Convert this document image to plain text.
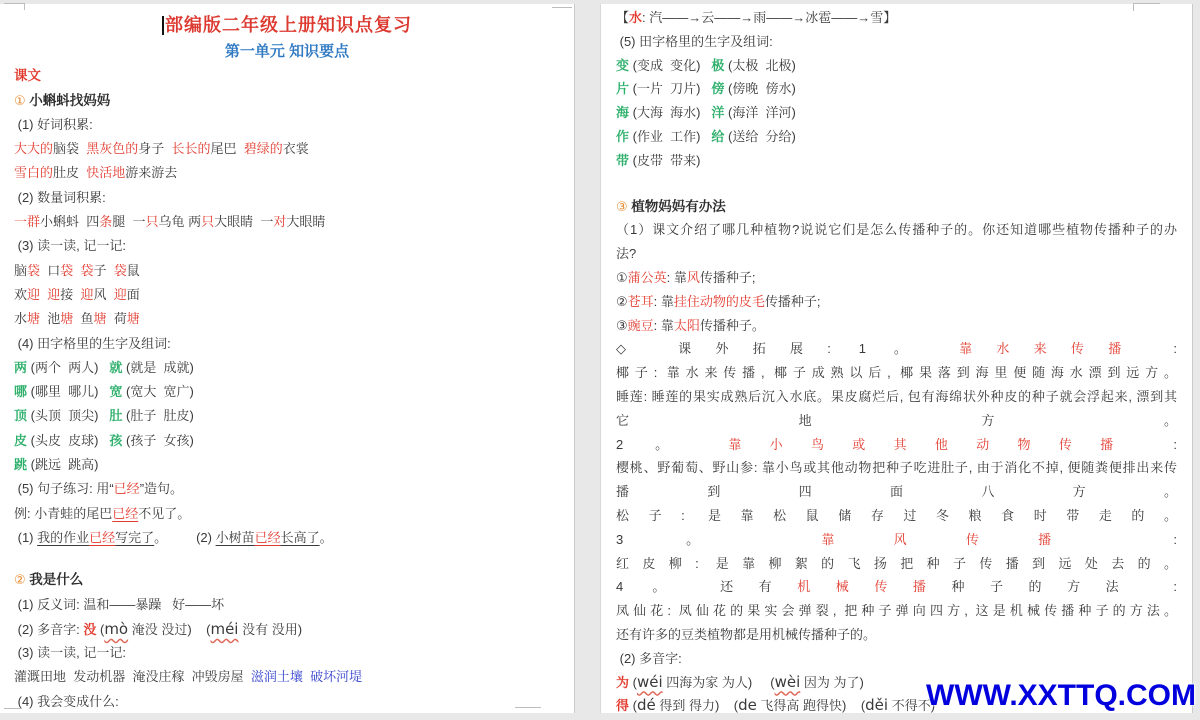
部编版二年级上册知识点复习
第一单元 知识要点
课文
① 小蝌蚪找妈妈
(1) 好词积累:
大大的脑袋  黑灰色的身子  长长的尾巴  碧绿的衣裳
雪白的肚皮  快活地游来游去
(2) 数量词积累:
一群小蝌蚪  四条腿  一只乌龟 两只大眼睛  一对大眼睛
(3) 读一读, 记一记:
脑袋  口袋 袋子  袋鼠
欢迎 迎接  迎风  迎面
水塘  池塘  鱼塘  荷塘
(4) 田字格里的生字及组词:
两 (两个  两人)   就 (就是  成就)
哪 (哪里  哪儿)   宽 (宽大  宽广)
顶 (头顶  顶尖)   肚 (肚子  肚皮)
皮 (头皮  皮球)   孩 (孩子  女孩)
跳 (跳远  跳高)
(5) 句子练习: 用“已经”造句。
例: 小青蛙的尾巴已经不见了。
(1) 我的作业已经写完了。        (2) 小树苗已经长高了。
② 我是什么
(1) 反义词: 温和——暴躁   好——坏
(2) 多音字: 没 (mò 淹没 没过)    (méi 没有 没用)
(3) 读一读, 记一记:
灌溉田地  发动机器  淹没庄稼  冲毁房屋  滋润土壤  破坏河堤
(4) 我会变成什么:
【水: 汽——→云——→雨——→冰雹——→雪】
(5) 田字格里的生字及组词:
变 (变成  变化)   极 (太极  北极)
片 (一片  刀片)   傍 (傍晚  傍水)
海 (大海  海水)   洋 (海洋  洋河)
作 (作业  工作)   给 (送给  分给)
带 (皮带  带来)
③ 植物妈妈有办法
（1）课文介绍了哪几种植物?说说它们是怎么传播种子的。你还知道哪些植物传播种子的办
法?
①蒲公英: 靠风传播种子;
②苍耳: 靠挂住动物的皮毛传播种子;
③豌豆: 靠太阳传播种子。
◇ 课外拓展: 1 。 靠水来传播 :
椰子: 靠水来传播, 椰子成熟以后, 椰果落到海里便随海水漂到远方。
睡莲: 睡莲的果实成熟后沉入水底。果皮腐烂后, 包有海绵状外种皮的种子就会浮起来, 漂到其
它 地 方 。
2 。 靠小鸟或其他动物传播 :
樱桃、野葡萄、野山参: 靠小鸟或其他动物把种子吃进肚子, 由于消化不掉, 便随粪便排出来传
播 到 四 面 八 方 。
松子: 是靠松鼠储存过冬粮食时带走的。
3 。 靠风传播 :
红皮柳: 是靠柳絮的飞扬把种子传播到远处去的。
4 。 还有机械传播种子的方法 :
凤仙花: 凤仙花的果实会弹裂, 把种子弹向四方, 这是机械传播种子的方法。
还有许多的豆类植物都是用机械传播种子的。
(2) 多音字:
为 (wéi 四海为家 为人)     (wèi 因为 为了)
得 (dé 得到 得力)    (de 飞得高 跑得快)    (děi 不得不)
WWW.XXTTQ.COM
